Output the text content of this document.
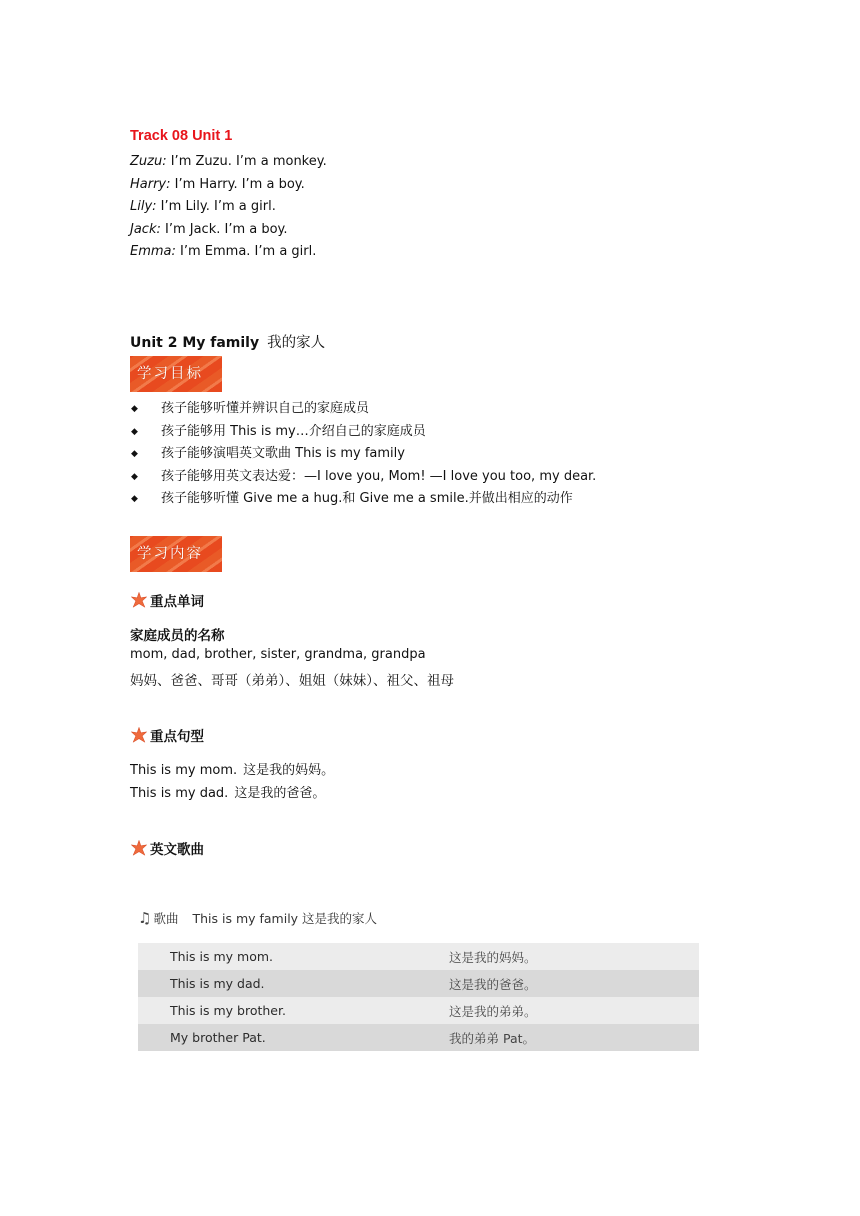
Track 08 Unit 1
Zuzu: I’m Zuzu. I’m a monkey.
Harry: I’m Harry. I’m a boy.
Lily: I’m Lily. I’m a girl.
Jack: I’m Jack. I’m a boy.
Emma: I’m Emma. I’m a girl.
Unit 2 My family 我的家人
学习目标
◆ 孩子能够听懂并辨识自己的家庭成员
◆ 孩子能够用 This is my…介绍自己的家庭成员
◆ 孩子能够演唱英文歌曲 This is my family
◆ 孩子能够用英文表达爱：—I love you, Mom! —I love you too, my dear.
◆ 孩子能够听懂 Give me a hug.和 Give me a smile.并做出相应的动作
学习内容
重点单词
家庭成员的名称
mom, dad, brother, sister, grandma, grandpa
妈妈、爸爸、哥哥（弟弟）、姐姐（妹妹）、祖父、祖母
重点句型
This is my mom. 这是我的妈妈。
This is my dad. 这是我的爸爸。
英文歌曲
♫ 歌曲 This is my family 这是我的家人
This is my mom.	这是我的妈妈。
This is my dad.	这是我的爸爸。
This is my brother.	这是我的弟弟。
My brother Pat.	我的弟弟 Pat。
